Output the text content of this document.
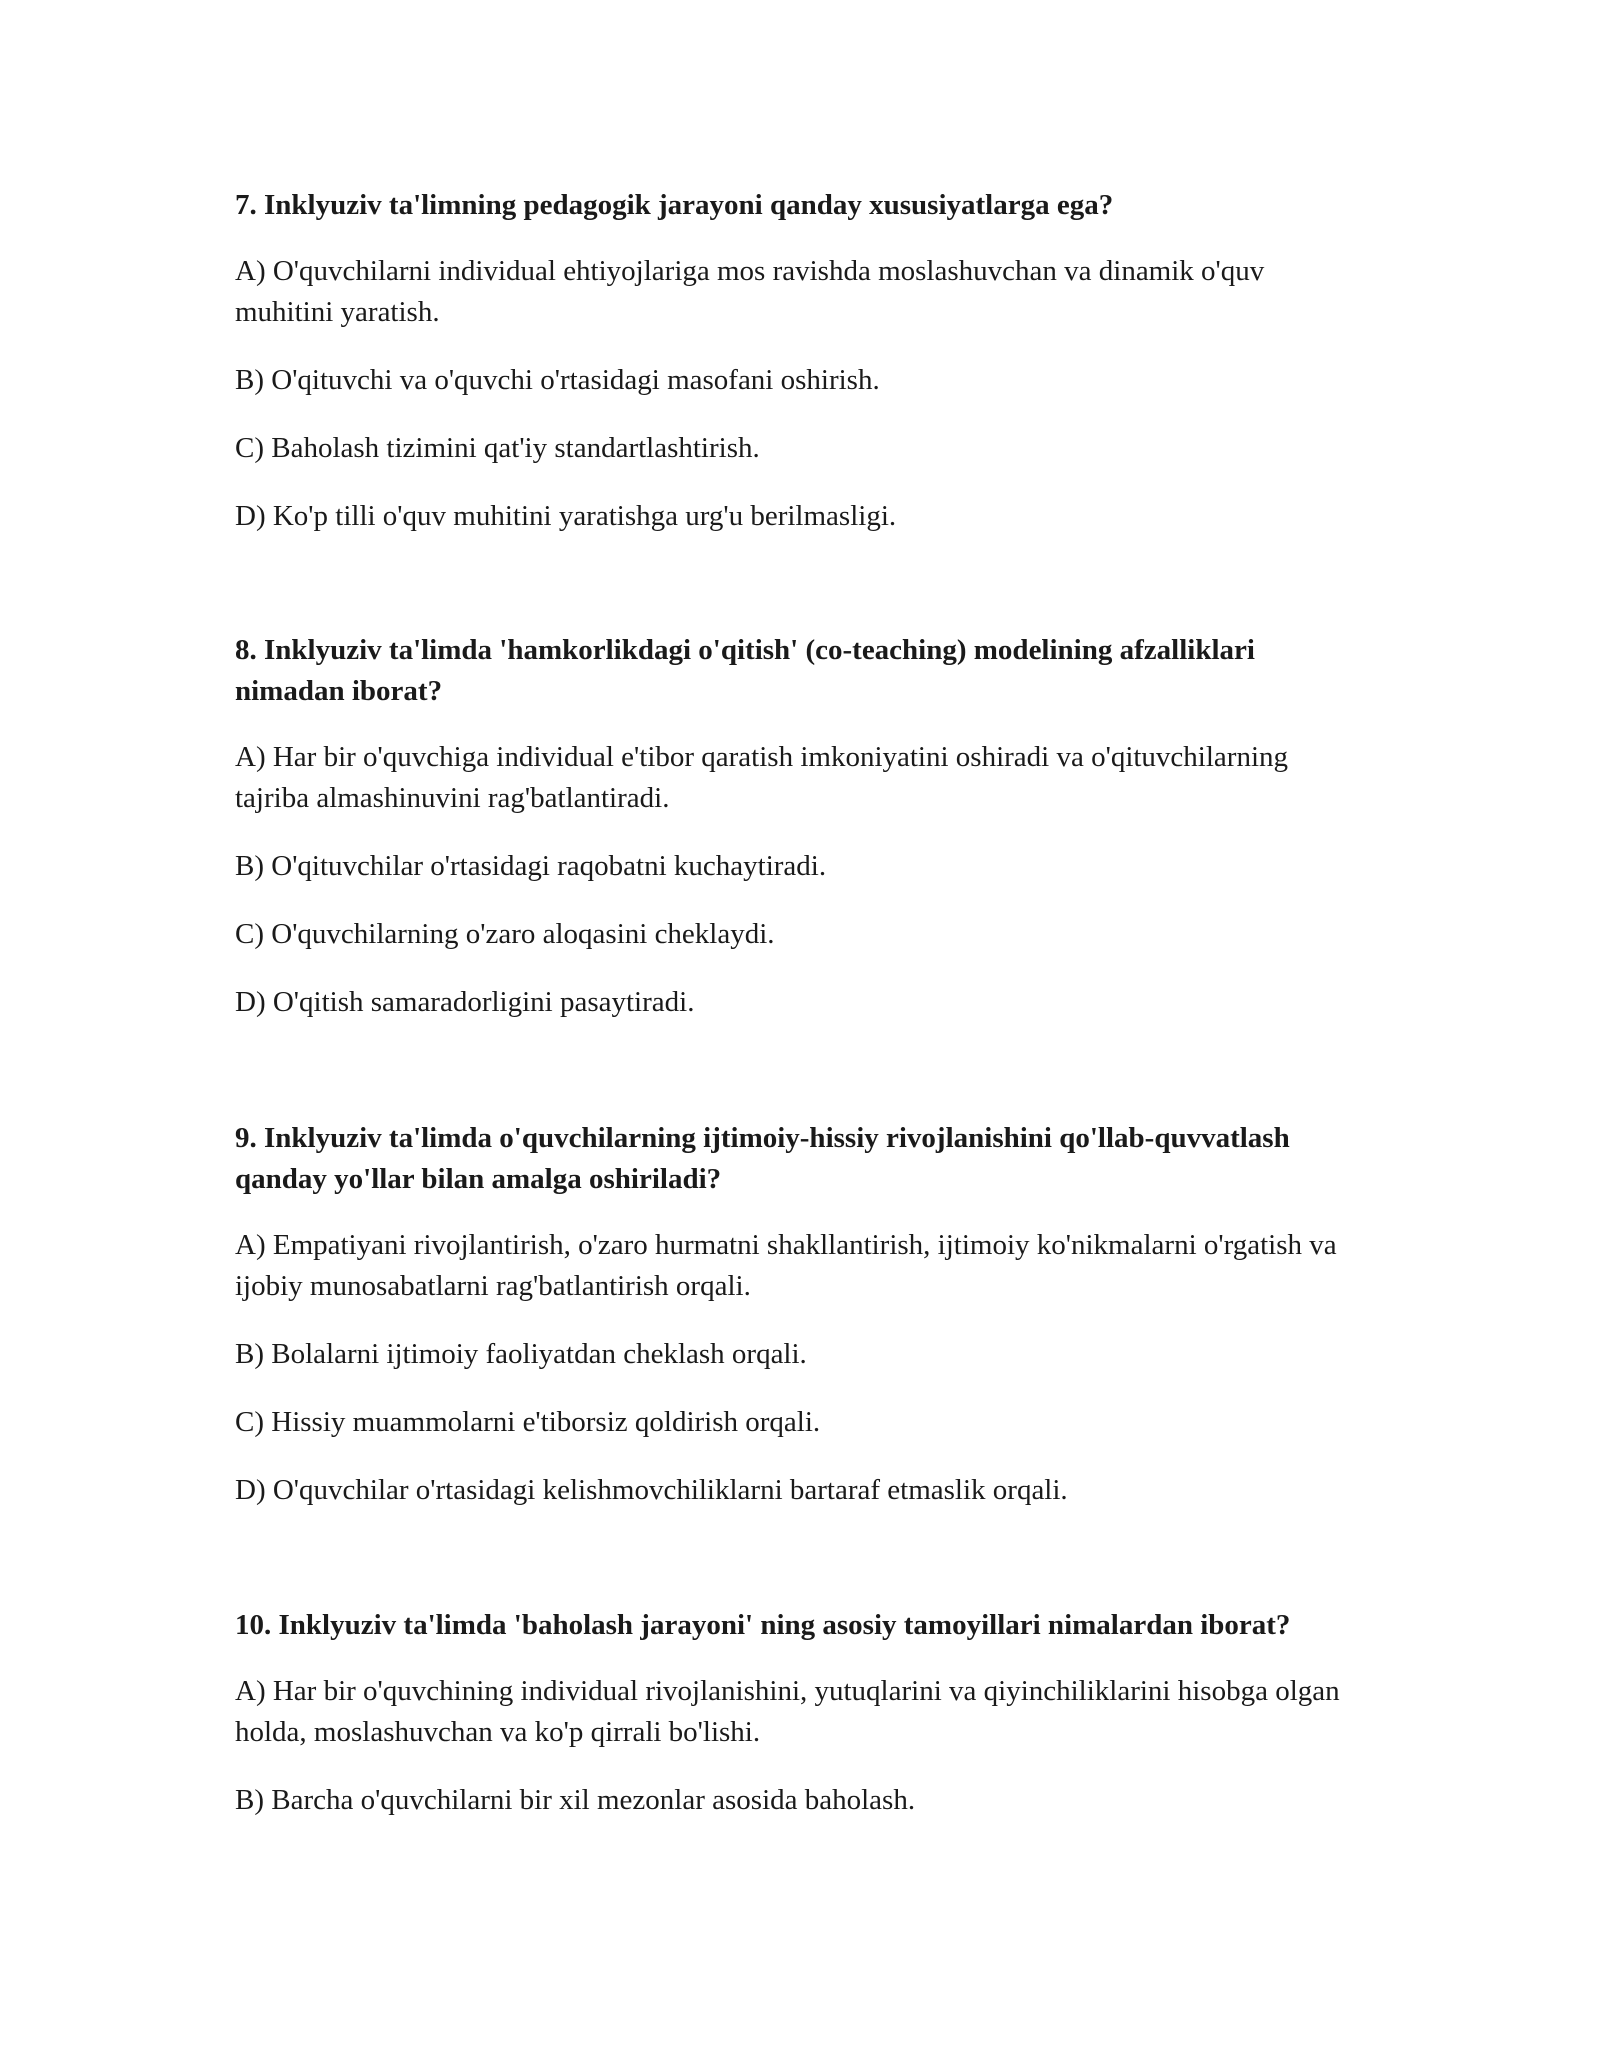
7. Inklyuziv ta'limning pedagogik jarayoni qanday xususiyatlarga ega?

A) O'quvchilarni individual ehtiyojlariga mos ravishda moslashuvchan va dinamik o'quv muhitini yaratish.

B) O'qituvchi va o'quvchi o'rtasidagi masofani oshirish.

C) Baholash tizimini qat'iy standartlashtirish.

D) Ko'p tilli o'quv muhitini yaratishga urg'u berilmasligi.

8. Inklyuziv ta'limda 'hamkorlikdagi o'qitish' (co-teaching) modelining afzalliklari nimadan iborat?

A) Har bir o'quvchiga individual e'tibor qaratish imkoniyatini oshiradi va o'qituvchilarning tajriba almashinuvini rag'batlantiradi.

B) O'qituvchilar o'rtasidagi raqobatni kuchaytiradi.

C) O'quvchilarning o'zaro aloqasini cheklaydi.

D) O'qitish samaradorligini pasaytiradi.

9. Inklyuziv ta'limda o'quvchilarning ijtimoiy-hissiy rivojlanishini qo'llab-quvvatlash qanday yo'llar bilan amalga oshiriladi?

A) Empatiyani rivojlantirish, o'zaro hurmatni shakllantirish, ijtimoiy ko'nikmalarni o'rgatish va ijobiy munosabatlarni rag'batlantirish orqali.

B) Bolalarni ijtimoiy faoliyatdan cheklash orqali.

C) Hissiy muammolarni e'tiborsiz qoldirish orqali.

D) O'quvchilar o'rtasidagi kelishmovchiliklarni bartaraf etmaslik orqali.

10. Inklyuziv ta'limda 'baholash jarayoni' ning asosiy tamoyillari nimalardan iborat?

A) Har bir o'quvchining individual rivojlanishini, yutuqlarini va qiyinchiliklarini hisobga olgan holda, moslashuvchan va ko'p qirrali bo'lishi.

B) Barcha o'quvchilarni bir xil mezonlar asosida baholash.
